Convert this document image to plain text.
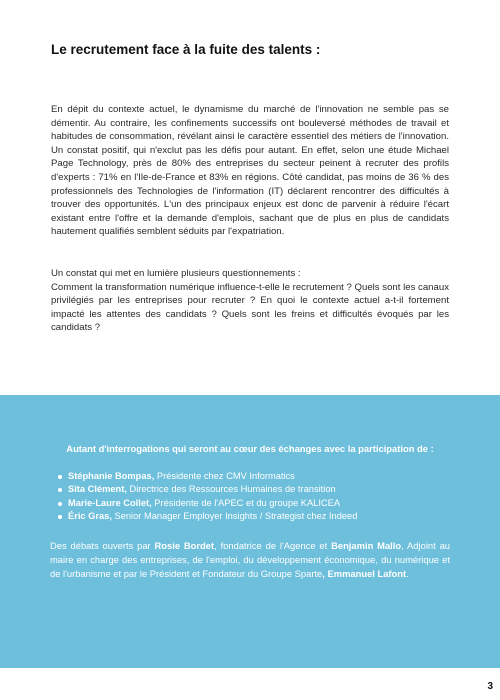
Le recrutement face à la fuite des talents :

En dépit du contexte actuel, le dynamisme du marché de l'innovation ne semble pas se démentir. Au contraire, les confinements successifs ont bouleversé méthodes de travail et habitudes de consommation, révélant ainsi le caractère essentiel des métiers de l'innovation. Un constat positif, qui n'exclut pas les défis pour autant. En effet, selon une étude Michael Page Technology, près de 80% des entreprises du secteur peinent à recruter des profils d'experts : 71% en l'Ile-de-France et 83% en régions. Côté candidat, pas moins de 36 % des professionnels des Technologies de l'information (IT) déclarent rencontrer des difficultés à trouver des opportunités. L'un des principaux enjeux est donc de parvenir à réduire l'écart existant entre l'offre et la demande d'emplois, sachant que de plus en plus de candidats hautement qualifiés semblent séduits par l'expatriation.

Un constat qui met en lumière plusieurs questionnements :
Comment la transformation numérique influence-t-elle le recrutement ? Quels sont les canaux privilégiés par les entreprises pour recruter ? En quoi le contexte actuel a-t-il fortement impacté les attentes des candidats ? Quels sont les freins et difficultés évoqués par les candidats ?

Autant d'interrogations qui seront au cœur des échanges avec la participation de :

Stéphanie Bompas, Présidente chez CMV Informatics
Sita Clément, Directrice des Ressources Humaines de transition
Marie-Laure Collet, Présidente de l'APEC et du groupe KALICEA
Éric Gras, Senior Manager Employer Insights / Strategist chez Indeed

Des débats ouverts par Rosie Bordet, fondatrice de l'Agence et Benjamin Mallo, Adjoint au maire en charge des entreprises, de l'emploi, du développement économique, du numérique et de l'urbanisme et par le Président et Fondateur du Groupe Sparte, Emmanuel Lafont.

3
